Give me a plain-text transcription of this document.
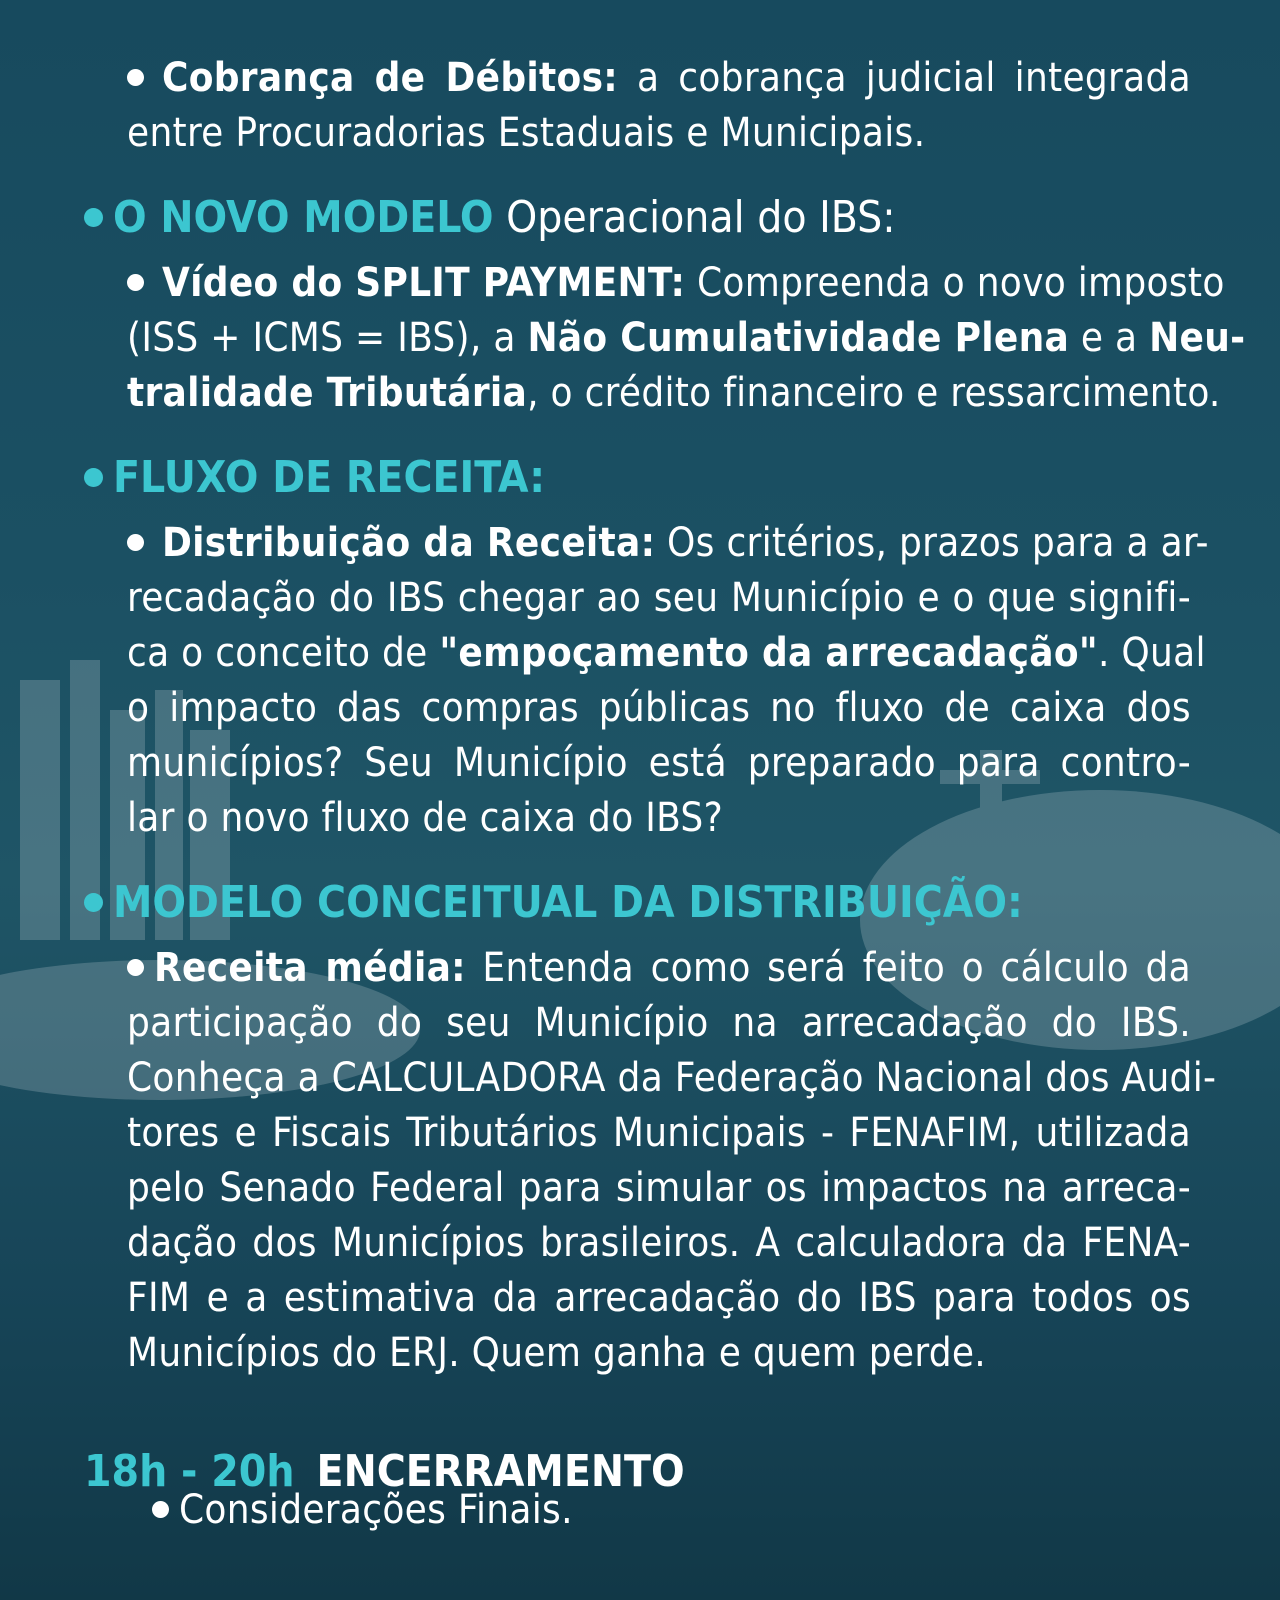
Cobrança de Débitos: a cobrança judicial integrada
entre Procuradorias Estaduais e Municipais.
O NOVO MODELO Operacional do IBS:
Vídeo do SPLIT PAYMENT: Compreenda o novo imposto
(ISS + ICMS = IBS), a Não Cumulatividade Plena e a Neu-
tralidade Tributária, o crédito financeiro e ressarcimento.
FLUXO DE RECEITA:
Distribuição da Receita: Os critérios, prazos para a ar-
recadação do IBS chegar ao seu Município e o que signifi-
ca o conceito de "empoçamento da arrecadação". Qual
o impacto das compras públicas no fluxo de caixa dos
municípios? Seu Município está preparado para contro-
lar o novo fluxo de caixa do IBS?
MODELO CONCEITUAL DA DISTRIBUIÇÃO:
Receita média: Entenda como será feito o cálculo da
participação do seu Município na arrecadação do IBS.
Conheça a CALCULADORA da Federação Nacional dos Audi-
tores e Fiscais Tributários Municipais - FENAFIM, utilizada
pelo Senado Federal para simular os impactos na arreca-
dação dos Municípios brasileiros. A calculadora da FENA-
FIM e a estimativa da arrecadação do IBS para todos os
Municípios do ERJ. Quem ganha e quem perde.
18h - 20h ENCERRAMENTO
Considerações Finais.
